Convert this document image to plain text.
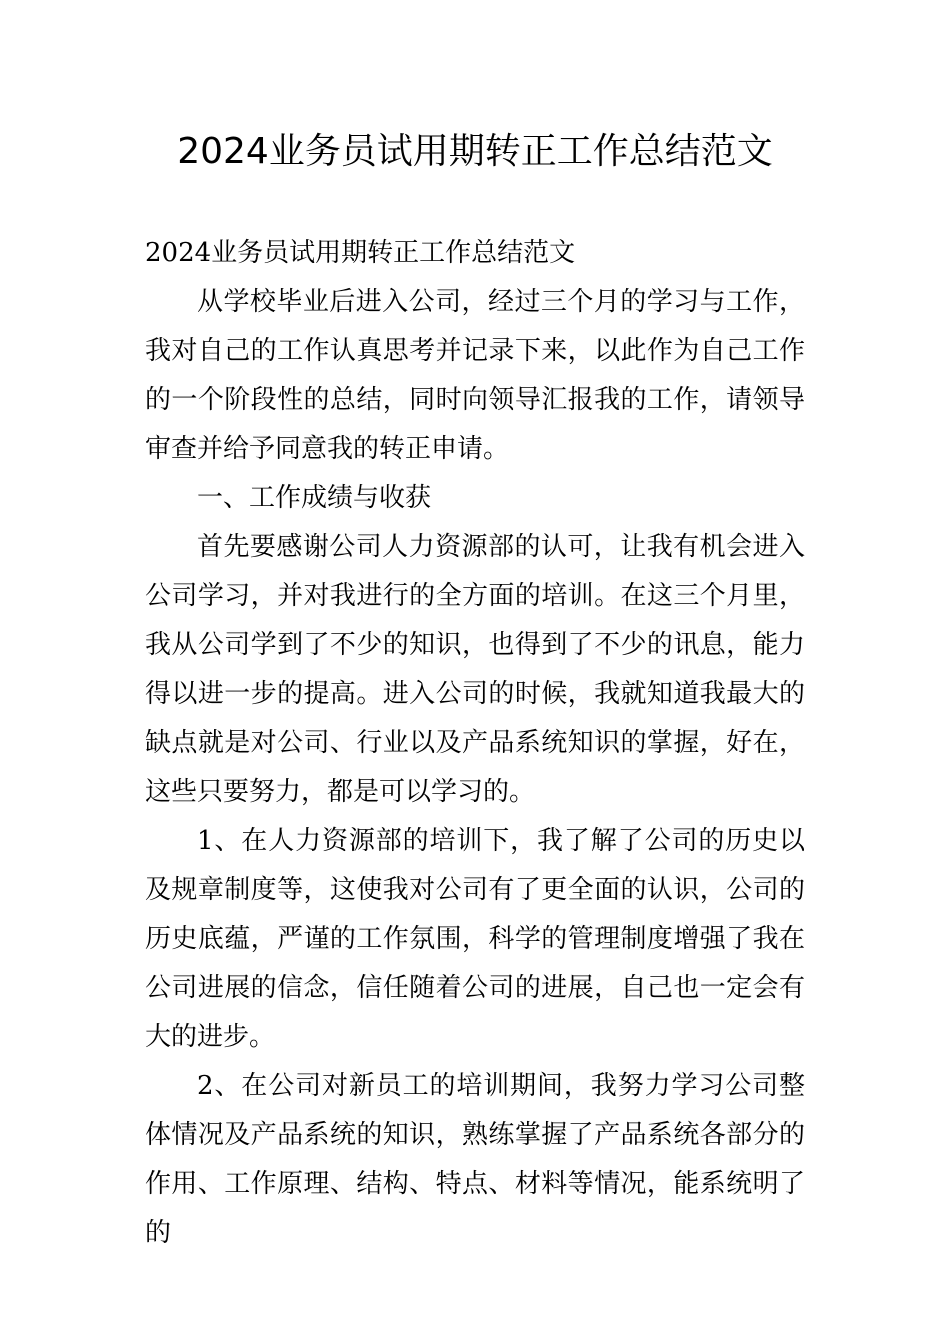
2024业务员试用期转正工作总结范文

2024业务员试用期转正工作总结范文

从学校毕业后进入公司，经过三个月的学习与工作，我对自己的工作认真思考并记录下来，以此作为自己工作的一个阶段性的总结，同时向领导汇报我的工作，请领导审查并给予同意我的转正申请。

一、工作成绩与收获

首先要感谢公司人力资源部的认可，让我有机会进入公司学习，并对我进行的全方面的培训。在这三个月里，我从公司学到了不少的知识，也得到了不少的讯息，能力得以进一步的提高。进入公司的时候，我就知道我最大的缺点就是对公司、行业以及产品系统知识的掌握，好在，这些只要努力，都是可以学习的。

1、在人力资源部的培训下，我了解了公司的历史以及规章制度等，这使我对公司有了更全面的认识，公司的历史底蕴，严谨的工作氛围，科学的管理制度增强了我在公司进展的信念，信任随着公司的进展，自己也一定会有大的进步。

2、在公司对新员工的培训期间，我努力学习公司整体情况及产品系统的知识，熟练掌握了产品系统各部分的作用、工作原理、结构、特点、材料等情况，能系统明了的
